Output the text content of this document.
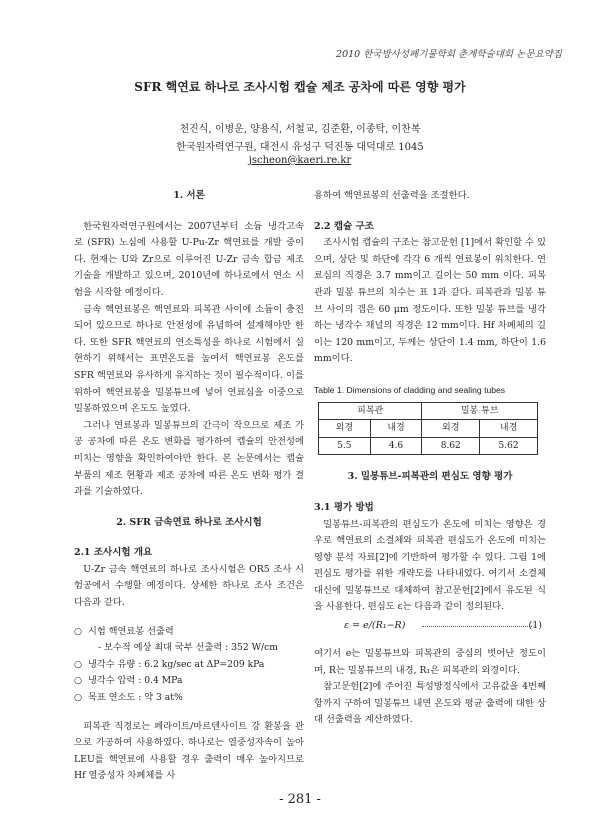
2010 한국방사성폐기물학회 춘계학술대회 논문요약집
SFR 핵연료 하나로 조사시험 캡슐 제조 공차에 따른 영향 평가
천진식, 이병운, 양용식, 서철교, 김준환, 이종탁, 이찬복
한국원자력연구원, 대전시 유성구 덕진동 대덕대로 1045
jscheon@kaeri.re.kr
1. 서론

한국원자력연구원에서는 2007년부터 소듐 냉각고속로 (SFR) 노심에 사용할 U-Pu-Zr 핵연료를 개발 중이다. 현재는 U와 Zr으로 이루어진 U-Zr 금속 합금 제조 기술을 개발하고 있으며, 2010년에 하나로에서 연소 시험을 시작할 예정이다.

금속 핵연료봉은 핵연료와 피복관 사이에 소듐이 충진되어 있으므로 하나로 안전성에 유념하여 설계해야만 한다. 또한 SFR 핵연료의 연소특성을 하나로 시험에서 실현하기 위해서는 표면온도를 높여서 핵연료봉 온도를 SFR 핵연료와 유사하게 유지하는 것이 필수적이다. 이를 위하여 핵연료봉을 밀봉튜브에 넣어 연료심을 이중으로 밀봉하였으며 온도도 높였다.

그러나 연료봉과 밀봉튜브의 간극이 작으므로 제조 가공 공차에 따른 온도 변화를 평가하여 캡슐의 안전성에 미치는 영향을 확인하여야만 한다. 본 논문에서는 캡슐 부품의 제조 현황과 제조 공차에 따른 온도 변화 평가 결과를 기술하였다.

2. SFR 금속연료 하나로 조사시험
2.1 조사시험 개요

U-Zr 금속 핵연료의 하나로 조사시험은 OR5 조사 시험공에서 수행할 예정이다. 상세한 하나로 조사 조건은 다음과 같다.

○ 시험 핵연료봉 선출력
- 보수적 예상 최대 국부 선출력 : 352 W/cm
○ 냉각수 유량 : 6.2 kg/sec at ΔP=209 kPa
○ 냉각수 압력 : 0.4 MPa
○ 목표 연소도 : 약 3 at%

피복관 직경로는 페라이트/마르텐사이트 강 환봉을 관으로 가공하여 사용하였다. 하나로는 열중성자속이 높아 LEU를 핵연료에 사용할 경우 출력이 매우 높아지므로 Hf 열중성자 차폐체를 사

용하여 핵연료봉의 선출력을 조절한다.

2.2 캡슐 구조

조사시험 캡슐의 구조는 참고문헌 [1]에서 확인할 수 있으며, 상단 및 하단에 각각 6 개씩 연료봉이 위치한다. 연료심의 직경은 3.7 mm이고 길이는 50 mm 이다. 피복관과 밀봉 튜브의 치수는 표 1과 같다. 피복관과 밀봉 튜브 사이의 갭은 60 μm 정도이다. 또한 밀봉 튜브를 냉각하는 냉각수 채널의 직경은 12 mm이다. Hf 차폐체의 길이는 120 mm이고, 두께는 상단이 1.4 mm, 하단이 1.6 mm이다.

Table 1. Dimensions of cladding and sealing tubes
피복관		밀봉 튜브	
외경	내경	외경	내경
5.5	4.6	8.62	5.62
3. 밀봉튜브-피복관의 편심도 영향 평가
3.1 평가 방법

밀봉튜브-피복관의 편심도가 온도에 미치는 영향은 경우로 핵연료의 소결체와 피복관 편심도가 온도에 미치는 영향 분석 자료[2]에 기반하여 평가할 수 있다. 그림 1에 편심도 평가를 위한 개략도를 나타내었다. 여기서 소결체 대신에 밀봉튜브로 대체하여 참고문헌[2]에서 유도된 식을 사용한다. 편심도 ε는 다음과 같이 정의된다.

ε = e/(R₁−R)	(1)

여기서 e는 밀봉튜브와 피복관의 중심의 벗어난 정도이며, R는 밀봉튜브의 내경, R₁은 피복관의 외경이다.

참고문헌[2]에 주어진 특성방정식에서 고유값을 4번째 항까지 구하여 밀봉튜브 내면 온도와 평균 출력에 대한 상대 선출력을 계산하였다.

- 281 -
